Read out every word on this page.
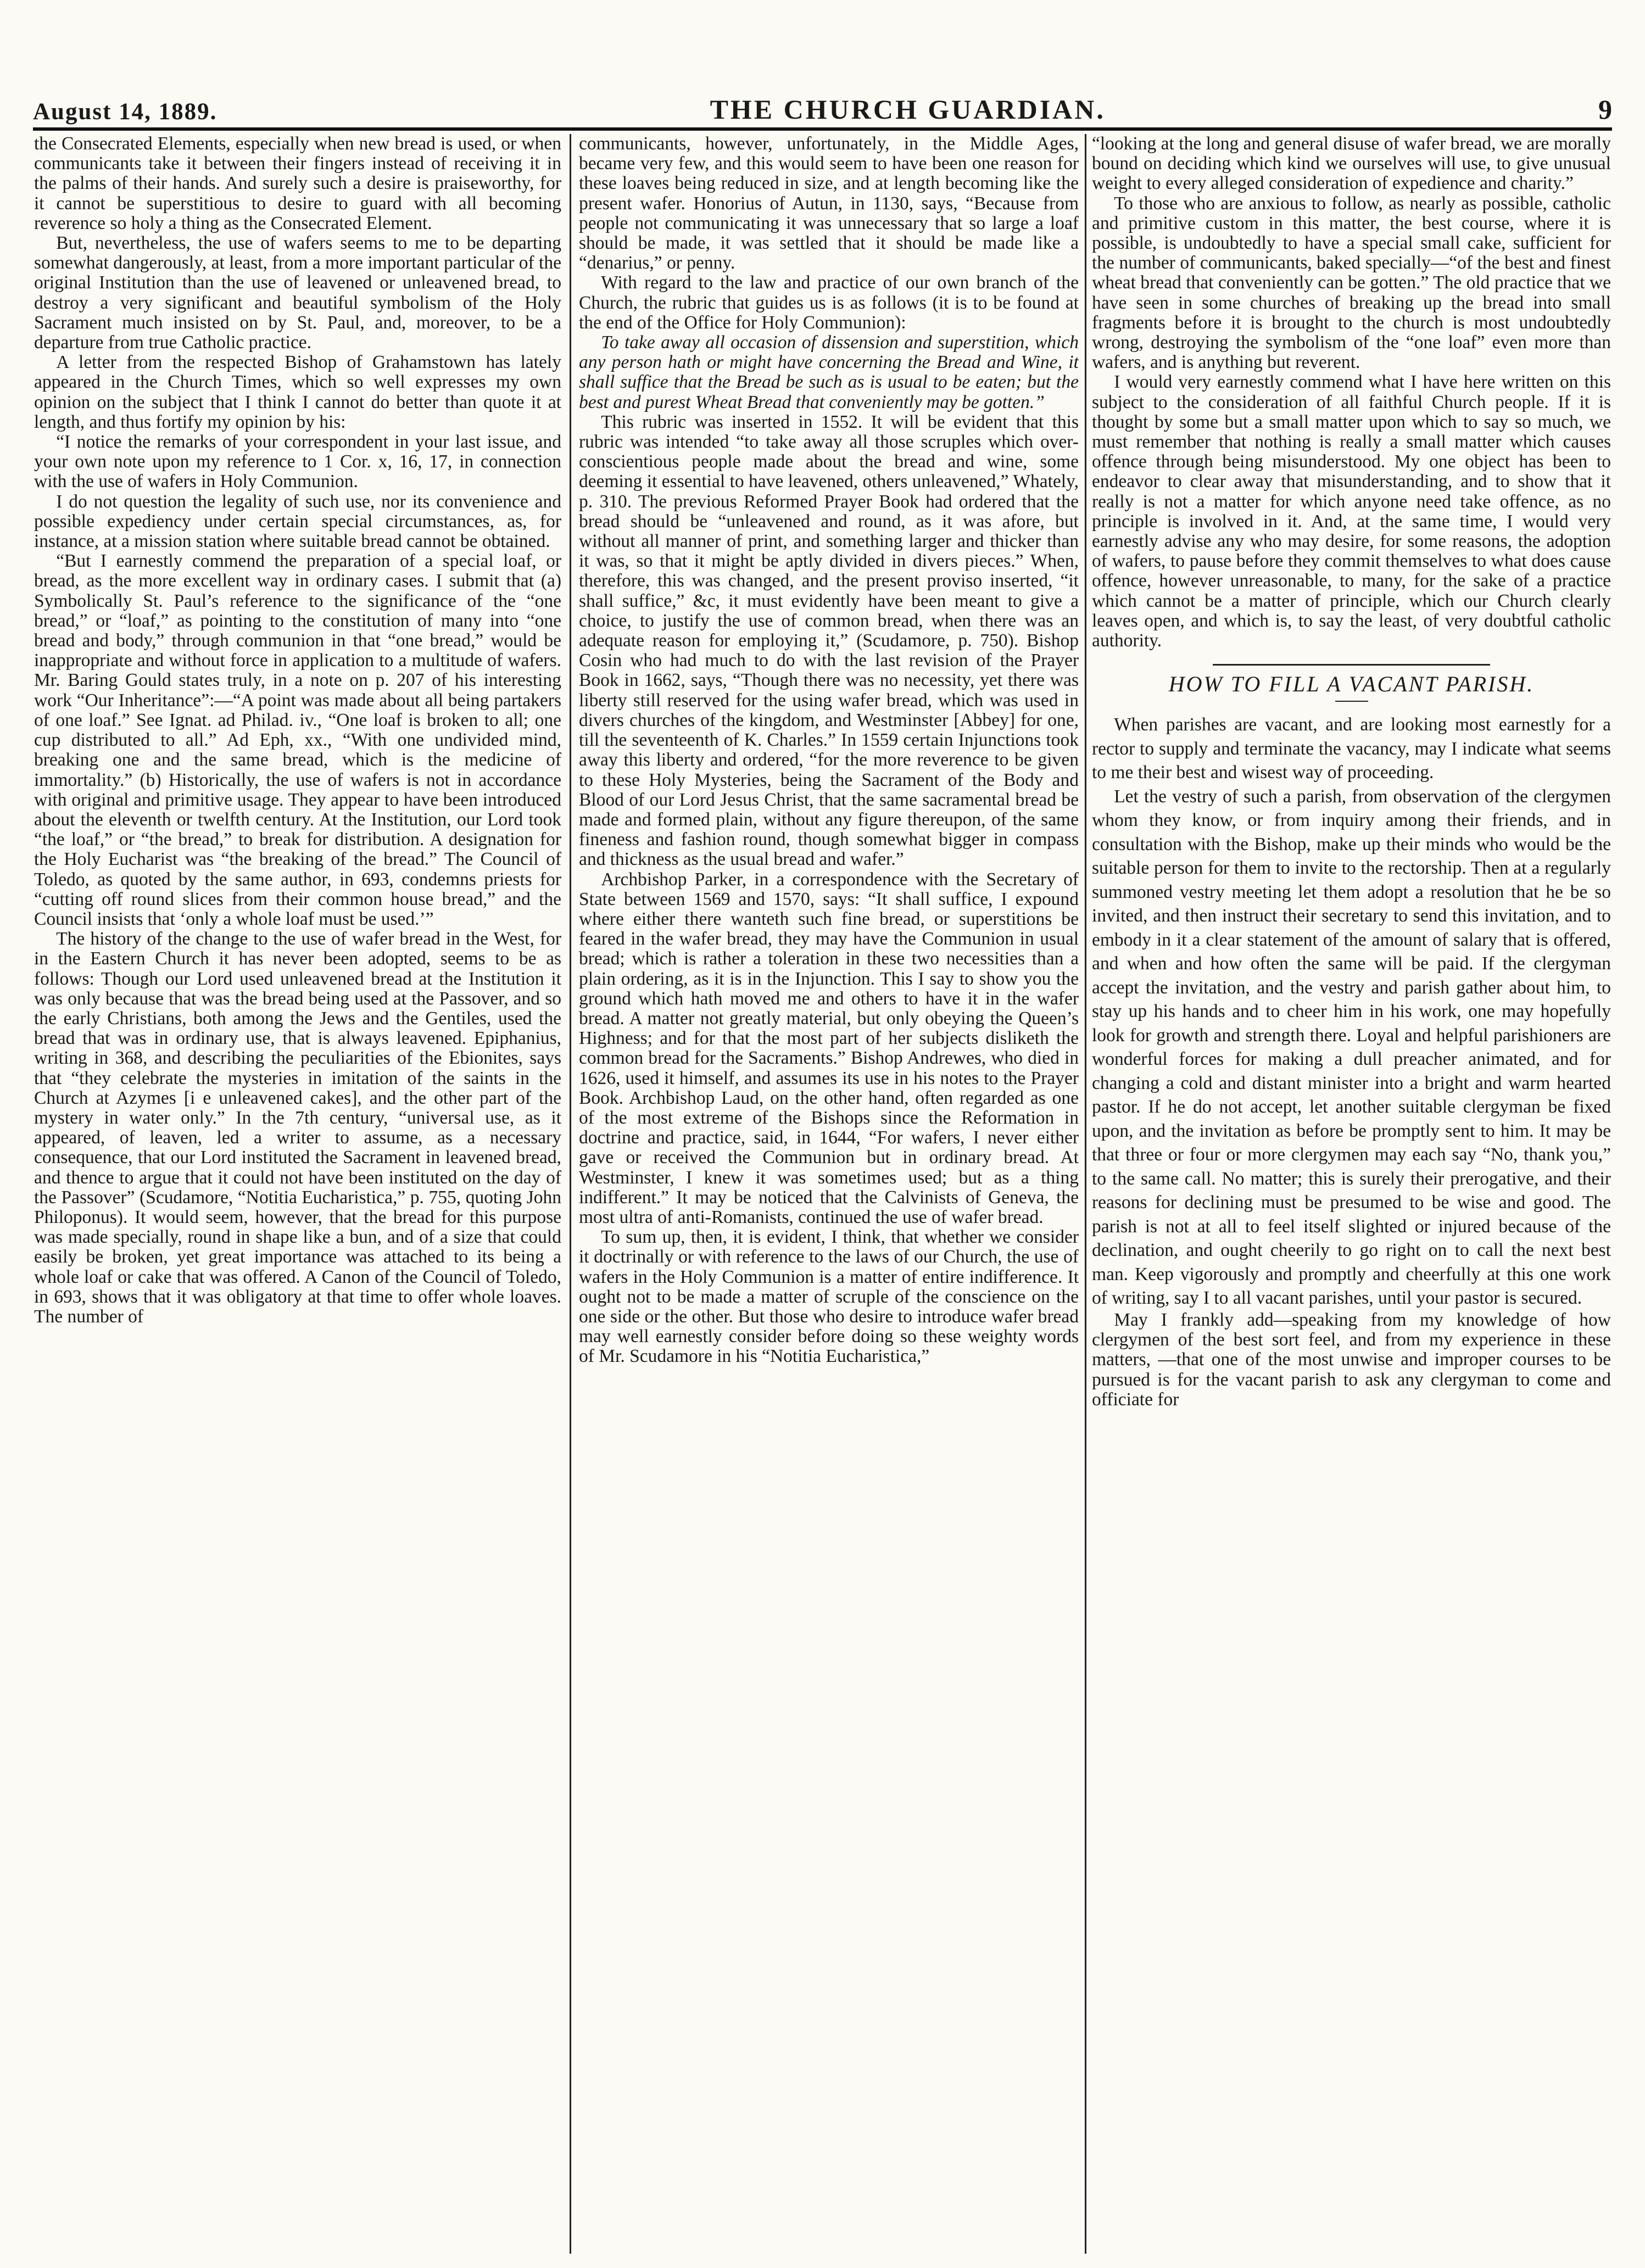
August 14, 1889.	THE CHURCH GUARDIAN.	9

the Consecrated Elements, especially when new bread is used, or when communicants take it between their fingers instead of receiving it in the palms of their hands. And surely such a desire is praiseworthy, for it cannot be superstitious to desire to guard with all becoming reverence so holy a thing as the Consecrated Element.

But, nevertheless, the use of wafers seems to me to be departing somewhat dangerously, at least, from a more important particular of the original Institution than the use of leavened or unleavened bread, to destroy a very significant and beautiful symbolism of the Holy Sacrament much insisted on by St. Paul, and, moreover, to be a departure from true Catholic practice.

A letter from the respected Bishop of Grahamstown has lately appeared in the Church Times, which so well expresses my own opinion on the subject that I think I cannot do better than quote it at length, and thus fortify my opinion by his:

“I notice the remarks of your correspondent in your last issue, and your own note upon my reference to 1 Cor. x, 16, 17, in connection with the use of wafers in Holy Communion.

I do not question the legality of such use, nor its convenience and possible expediency under certain special circumstances, as, for instance, at a mission station where suitable bread cannot be obtained.

“But I earnestly commend the preparation of a special loaf, or bread, as the more excellent way in ordinary cases. I submit that (a) Symbolically St. Paul’s reference to the significance of the “one bread,” or “loaf,” as pointing to the constitution of many into “one bread and body,” through communion in that “one bread,” would be inappropriate and without force in application to a multitude of wafers. Mr. Baring Gould states truly, in a note on p. 207 of his interesting work “Our Inheritance”:—“A point was made about all being partakers of one loaf.” See Ignat. ad Philad. iv., “One loaf is broken to all; one cup distributed to all.” Ad Eph, xx., “With one undivided mind, breaking one and the same bread, which is the medicine of immortality.” (b) Historically, the use of wafers is not in accordance with original and primitive usage. They appear to have been introduced about the eleventh or twelfth century. At the Institution, our Lord took “the loaf,” or “the bread,” to break for distribution. A designation for the Holy Eucharist was “the breaking of the bread.” The Council of Toledo, as quoted by the same author, in 693, condemns priests for “cutting off round slices from their common house bread,” and the Council insists that ‘only a whole loaf must be used.’”

The history of the change to the use of wafer bread in the West, for in the Eastern Church it has never been adopted, seems to be as follows: Though our Lord used unleavened bread at the Institution it was only because that was the bread being used at the Passover, and so the early Christians, both among the Jews and the Gentiles, used the bread that was in ordinary use, that is always leavened. Epiphanius, writing in 368, and describing the peculiarities of the Ebionites, says that “they celebrate the mysteries in imitation of the saints in the Church at Azymes [i e unleavened cakes], and the other part of the mystery in water only.” In the 7th century, “universal use, as it appeared, of leaven, led a writer to assume, as a necessary consequence, that our Lord instituted the Sacrament in leavened bread, and thence to argue that it could not have been instituted on the day of the Passover” (Scudamore, “Notitia Eucharistica,” p. 755, quoting John Philoponus). It would seem, however, that the bread for this purpose was made specially, round in shape like a bun, and of a size that could easily be broken, yet great importance was attached to its being a whole loaf or cake that was offered. A Canon of the Council of Toledo, in 693, shows that it was obligatory at that time to offer whole loaves. The number of

communicants, however, unfortunately, in the Middle Ages, became very few, and this would seem to have been one reason for these loaves being reduced in size, and at length becoming like the present wafer. Honorius of Autun, in 1130, says, “Because from people not communicating it was unnecessary that so large a loaf should be made, it was settled that it should be made like a “denarius,” or penny.

With regard to the law and practice of our own branch of the Church, the rubric that guides us is as follows (it is to be found at the end of the Office for Holy Communion):

To take away all occasion of dissension and superstition, which any person hath or might have concerning the Bread and Wine, it shall suffice that the Bread be such as is usual to be eaten; but the best and purest Wheat Bread that conveniently may be gotten.”

This rubric was inserted in 1552. It will be evident that this rubric was intended “to take away all those scruples which over-conscientious people made about the bread and wine, some deeming it essential to have leavened, others unleavened,” Whately, p. 310. The previous Reformed Prayer Book had ordered that the bread should be “unleavened and round, as it was afore, but without all manner of print, and something larger and thicker than it was, so that it might be aptly divided in divers pieces.” When, therefore, this was changed, and the present proviso inserted, “it shall suffice,” &c, it must evidently have been meant to give a choice, to justify the use of common bread, when there was an adequate reason for employing it,” (Scudamore, p. 750). Bishop Cosin who had much to do with the last revision of the Prayer Book in 1662, says, “Though there was no necessity, yet there was liberty still reserved for the using wafer bread, which was used in divers churches of the kingdom, and Westminster [Abbey] for one, till the seventeenth of K. Charles.” In 1559 certain Injunctions took away this liberty and ordered, “for the more reverence to be given to these Holy Mysteries, being the Sacrament of the Body and Blood of our Lord Jesus Christ, that the same sacramental bread be made and formed plain, without any figure thereupon, of the same fineness and fashion round, though somewhat bigger in compass and thickness as the usual bread and wafer.”

Archbishop Parker, in a correspondence with the Secretary of State between 1569 and 1570, says: “It shall suffice, I expound where either there wanteth such fine bread, or superstitions be feared in the wafer bread, they may have the Communion in usual bread; which is rather a toleration in these two necessities than a plain ordering, as it is in the Injunction. This I say to show you the ground which hath moved me and others to have it in the wafer bread. A matter not greatly material, but only obeying the Queen’s Highness; and for that the most part of her subjects disliketh the common bread for the Sacraments.” Bishop Andrewes, who died in 1626, used it himself, and assumes its use in his notes to the Prayer Book. Archbishop Laud, on the other hand, often regarded as one of the most extreme of the Bishops since the Reformation in doctrine and practice, said, in 1644, “For wafers, I never either gave or received the Communion but in ordinary bread. At Westminster, I knew it was sometimes used; but as a thing indifferent.” It may be noticed that the Calvinists of Geneva, the most ultra of anti-Romanists, continued the use of wafer bread.

To sum up, then, it is evident, I think, that whether we consider it doctrinally or with reference to the laws of our Church, the use of wafers in the Holy Communion is a matter of entire indifference. It ought not to be made a matter of scruple of the conscience on the one side or the other. But those who desire to introduce wafer bread may well earnestly consider before doing so these weighty words of Mr. Scudamore in his “Notitia Eucharistica,”

“looking at the long and general disuse of wafer bread, we are morally bound on deciding which kind we ourselves will use, to give unusual weight to every alleged consideration of expedience and charity.”

To those who are anxious to follow, as nearly as possible, catholic and primitive custom in this matter, the best course, where it is possible, is undoubtedly to have a special small cake, sufficient for the number of communicants, baked specially—“of the best and finest wheat bread that conveniently can be gotten.” The old practice that we have seen in some churches of breaking up the bread into small fragments before it is brought to the church is most undoubtedly wrong, destroying the symbolism of the “one loaf” even more than wafers, and is anything but reverent.

I would very earnestly commend what I have here written on this subject to the consideration of all faithful Church people. If it is thought by some but a small matter upon which to say so much, we must remember that nothing is really a small matter which causes offence through being misunderstood. My one object has been to endeavor to clear away that misunderstanding, and to show that it really is not a matter for which anyone need take offence, as no principle is involved in it. And, at the same time, I would very earnestly advise any who may desire, for some reasons, the adoption of wafers, to pause before they commit themselves to what does cause offence, however unreasonable, to many, for the sake of a practice which cannot be a matter of principle, which our Church clearly leaves open, and which is, to say the least, of very doubtful catholic authority.

HOW TO FILL A VACANT PARISH.

When parishes are vacant, and are looking most earnestly for a rector to supply and terminate the vacancy, may I indicate what seems to me their best and wisest way of proceeding.

Let the vestry of such a parish, from observation of the clergymen whom they know, or from inquiry among their friends, and in consultation with the Bishop, make up their minds who would be the suitable person for them to invite to the rectorship. Then at a regularly summoned vestry meeting let them adopt a resolution that he be so invited, and then instruct their secretary to send this invitation, and to embody in it a clear statement of the amount of salary that is offered, and when and how often the same will be paid. If the clergyman accept the invitation, and the vestry and parish gather about him, to stay up his hands and to cheer him in his work, one may hopefully look for growth and strength there. Loyal and helpful parishioners are wonderful forces for making a dull preacher animated, and for changing a cold and distant minister into a bright and warm hearted pastor. If he do not accept, let another suitable clergyman be fixed upon, and the invitation as before be promptly sent to him. It may be that three or four or more clergymen may each say “No, thank you,” to the same call. No matter; this is surely their prerogative, and their reasons for declining must be presumed to be wise and good. The parish is not at all to feel itself slighted or injured because of the declination, and ought cheerily to go right on to call the next best man. Keep vigorously and promptly and cheerfully at this one work of writing, say I to all vacant parishes, until your pastor is secured.

May I frankly add—speaking from my knowledge of how clergymen of the best sort feel, and from my experience in these matters, —that one of the most unwise and improper courses to be pursued is for the vacant parish to ask any clergyman to come and officiate for
